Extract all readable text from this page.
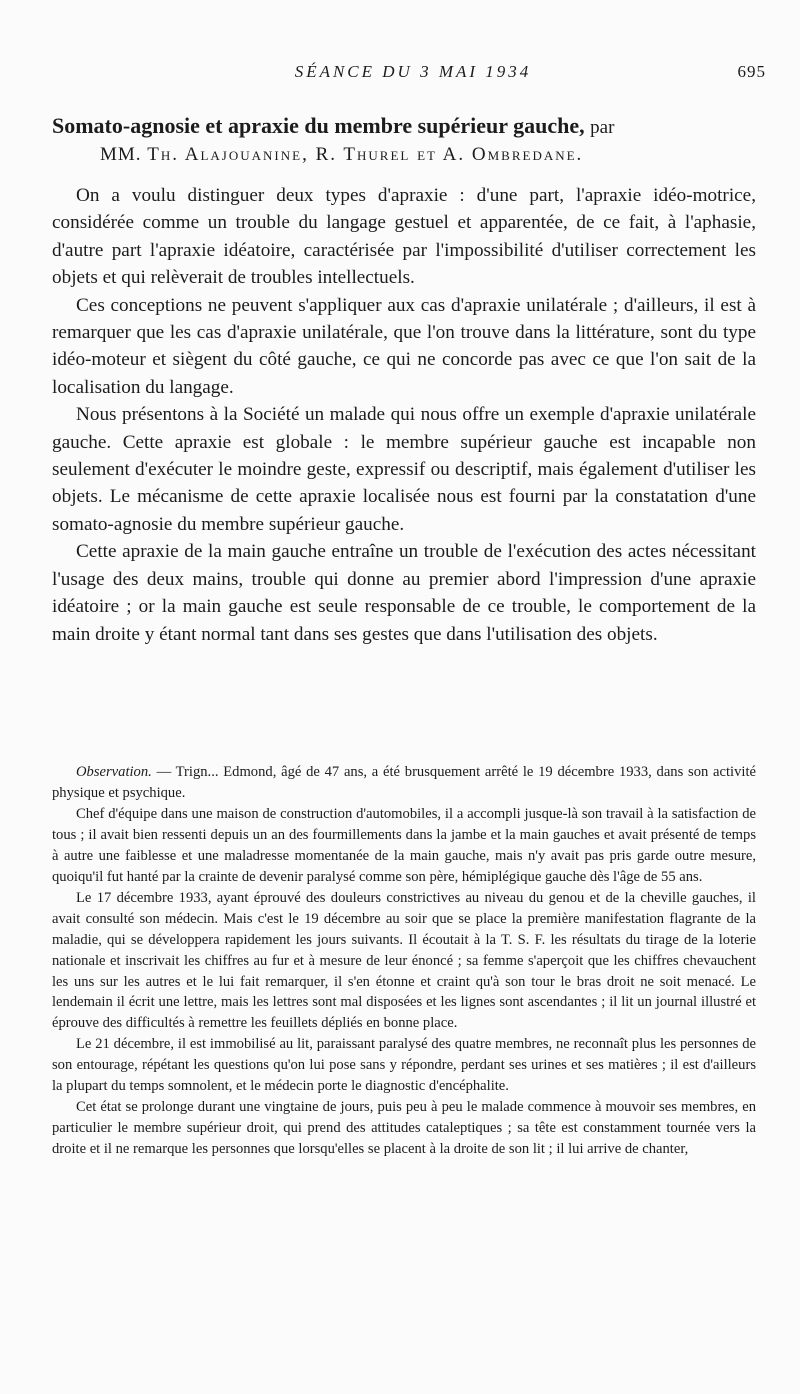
SÉANCE DU 3 MAI 1934	695
Somato-agnosie et apraxie du membre supérieur gauche, par
MM. Th. Alajouanine, R. Thurel et A. Ombredane.

On a voulu distinguer deux types d'apraxie : d'une part, l'apraxie idéo-motrice, considérée comme un trouble du langage gestuel et apparentée, de ce fait, à l'aphasie, d'autre part l'apraxie idéatoire, caractérisée par l'impossibilité d'utiliser correctement les objets et qui relèverait de troubles intellectuels.

Ces conceptions ne peuvent s'appliquer aux cas d'apraxie unilatérale ; d'ailleurs, il est à remarquer que les cas d'apraxie unilatérale, que l'on trouve dans la littérature, sont du type idéo-moteur et siègent du côté gauche, ce qui ne concorde pas avec ce que l'on sait de la localisation du langage.

Nous présentons à la Société un malade qui nous offre un exemple d'apraxie unilatérale gauche. Cette apraxie est globale : le membre supérieur gauche est incapable non seulement d'exécuter le moindre geste, expressif ou descriptif, mais également d'utiliser les objets. Le mécanisme de cette apraxie localisée nous est fourni par la constatation d'une somato-agnosie du membre supérieur gauche.

Cette apraxie de la main gauche entraîne un trouble de l'exécution des actes nécessitant l'usage des deux mains, trouble qui donne au premier abord l'impression d'une apraxie idéatoire ; or la main gauche est seule responsable de ce trouble, le comportement de la main droite y étant normal tant dans ses gestes que dans l'utilisation des objets.

Observation. — Trign... Edmond, âgé de 47 ans, a été brusquement arrêté le 19 décembre 1933, dans son activité physique et psychique.

Chef d'équipe dans une maison de construction d'automobiles, il a accompli jusque-là son travail à la satisfaction de tous ; il avait bien ressenti depuis un an des fourmillements dans la jambe et la main gauches et avait présenté de temps à autre une faiblesse et une maladresse momentanée de la main gauche, mais n'y avait pas pris garde outre mesure, quoiqu'il fut hanté par la crainte de devenir paralysé comme son père, hémiplégique gauche dès l'âge de 55 ans.

Le 17 décembre 1933, ayant éprouvé des douleurs constrictives au niveau du genou et de la cheville gauches, il avait consulté son médecin. Mais c'est le 19 décembre au soir que se place la première manifestation flagrante de la maladie, qui se développera rapidement les jours suivants. Il écoutait à la T. S. F. les résultats du tirage de la loterie nationale et inscrivait les chiffres au fur et à mesure de leur énoncé ; sa femme s'aperçoit que les chiffres chevauchent les uns sur les autres et le lui fait remarquer, il s'en étonne et craint qu'à son tour le bras droit ne soit menacé. Le lendemain il écrit une lettre, mais les lettres sont mal disposées et les lignes sont ascendantes ; il lit un journal illustré et éprouve des difficultés à remettre les feuillets dépliés en bonne place.

Le 21 décembre, il est immobilisé au lit, paraissant paralysé des quatre membres, ne reconnaît plus les personnes de son entourage, répétant les questions qu'on lui pose sans y répondre, perdant ses urines et ses matières ; il est d'ailleurs la plupart du temps somnolent, et le médecin porte le diagnostic d'encéphalite.

Cet état se prolonge durant une vingtaine de jours, puis peu à peu le malade commence à mouvoir ses membres, en particulier le membre supérieur droit, qui prend des attitudes cataleptiques ; sa tête est constamment tournée vers la droite et il ne remarque les personnes que lorsqu'elles se placent à la droite de son lit ; il lui arrive de chanter,
